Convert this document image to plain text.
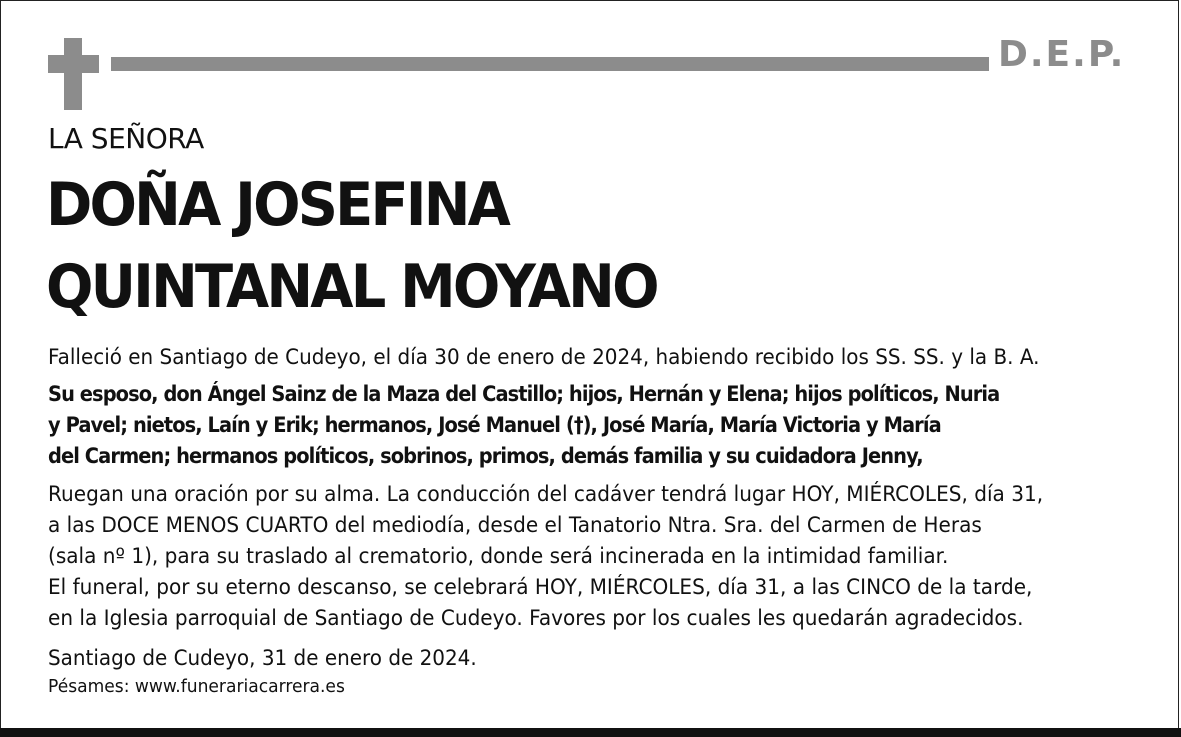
D.E.P.
LA SEÑORA
DOÑA JOSEFINA
QUINTANAL MOYANO
Falleció en Santiago de Cudeyo, el día 30 de enero de 2024, habiendo recibido los SS. SS. y la B. A.
Su esposo, don Ángel Sainz de la Maza del Castillo; hijos, Hernán y Elena; hijos políticos, Nuria
y Pavel; nietos, Laín y Erik; hermanos, José Manuel (†), José María, María Victoria y María
del Carmen; hermanos políticos, sobrinos, primos, demás familia y su cuidadora Jenny,
Ruegan una oración por su alma. La conducción del cadáver tendrá lugar HOY, MIÉRCOLES, día 31,
a las DOCE MENOS CUARTO del mediodía, desde el Tanatorio Ntra. Sra. del Carmen de Heras
(sala nº 1), para su traslado al crematorio, donde será incinerada en la intimidad familiar.
El funeral, por su eterno descanso, se celebrará HOY, MIÉRCOLES, día 31, a las CINCO de la tarde,
en la Iglesia parroquial de Santiago de Cudeyo. Favores por los cuales les quedarán agradecidos.
Santiago de Cudeyo, 31 de enero de 2024.
Pésames: www.funerariacarrera.es
